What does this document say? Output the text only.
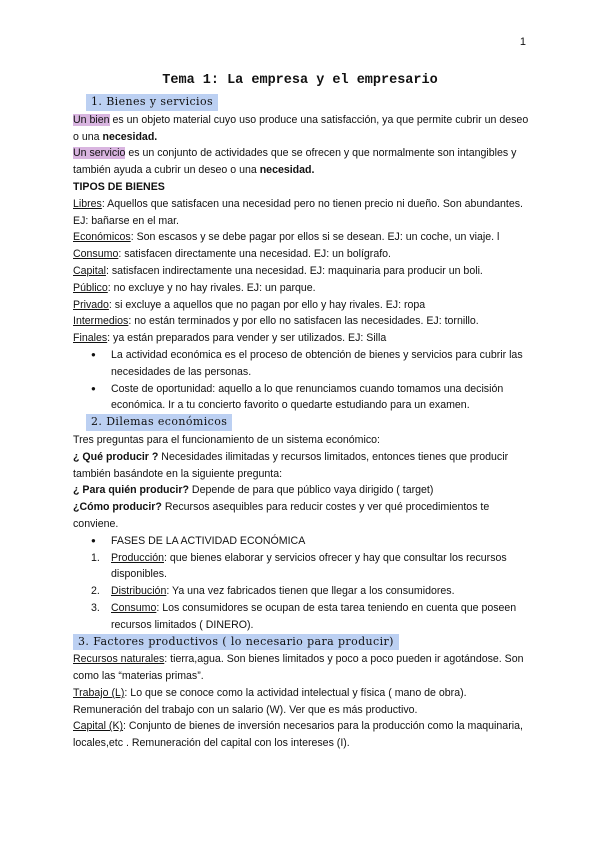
1
Tema 1: La empresa y el empresario
1. Bienes y servicios

Un bien es un objeto material cuyo uso produce una satisfacción, ya que permite cubrir un deseo o una necesidad.

Un servicio es un conjunto de actividades que se ofrecen y que normalmente son intangibles y también ayuda a cubrir un deseo o una necesidad.

TIPOS DE BIENES

Libres: Aquellos que satisfacen una necesidad pero no tienen precio ni dueño. Son abundantes. EJ: bañarse en el mar.

Económicos: Son escasos y se debe pagar por ellos si se desean. EJ: un coche, un viaje. l

Consumo: satisfacen directamente una necesidad. EJ: un bolígrafo.

Capital: satisfacen indirectamente una necesidad. EJ: maquinaria para producir un boli.

Público: no excluye y no hay rivales. EJ: un parque.

Privado: si excluye a aquellos que no pagan por ello y hay rivales. EJ: ropa

Intermedios: no están terminados y por ello no satisfacen las necesidades. EJ: tornillo.

Finales: ya están preparados para vender y ser utilizados. EJ: Silla

● La actividad económica es el proceso de obtención de bienes y servicios para cubrir las necesidades de las personas.
● Coste de oportunidad: aquello a lo que renunciamos cuando tomamos una decisión económica. Ir a tu concierto favorito o quedarte estudiando para un examen.
2. Dilemas económicos

Tres preguntas para el funcionamiento de un sistema económico:

¿ Qué producir ? Necesidades ilimitadas y recursos limitados, entonces tienes que producir también basándote en la siguiente pregunta:

¿ Para quién producir? Depende de para que público vaya dirigido ( target)

¿Cómo producir? Recursos asequibles para reducir costes y ver qué procedimientos te conviene.

● FASES DE LA ACTIVIDAD ECONÓMICA
1. Producción: que bienes elaborar y servicios ofrecer y hay que consultar los recursos disponibles.
2. Distribución: Ya una vez fabricados tienen que llegar a los consumidores.
3. Consumo: Los consumidores se ocupan de esta tarea teniendo en cuenta que poseen recursos limitados ( DINERO).
3. Factores productivos ( lo necesario para producir)

Recursos naturales: tierra,agua. Son bienes limitados y poco a poco pueden ir agotándose. Son como las “materias primas”.

Trabajo (L): Lo que se conoce como la actividad intelectual y física ( mano de obra). Remuneración del trabajo con un salario (W). Ver que es más productivo.

Capital (K): Conjunto de bienes de inversión necesarios para la producción como la maquinaria, locales,etc . Remuneración del capital con los intereses (I).
